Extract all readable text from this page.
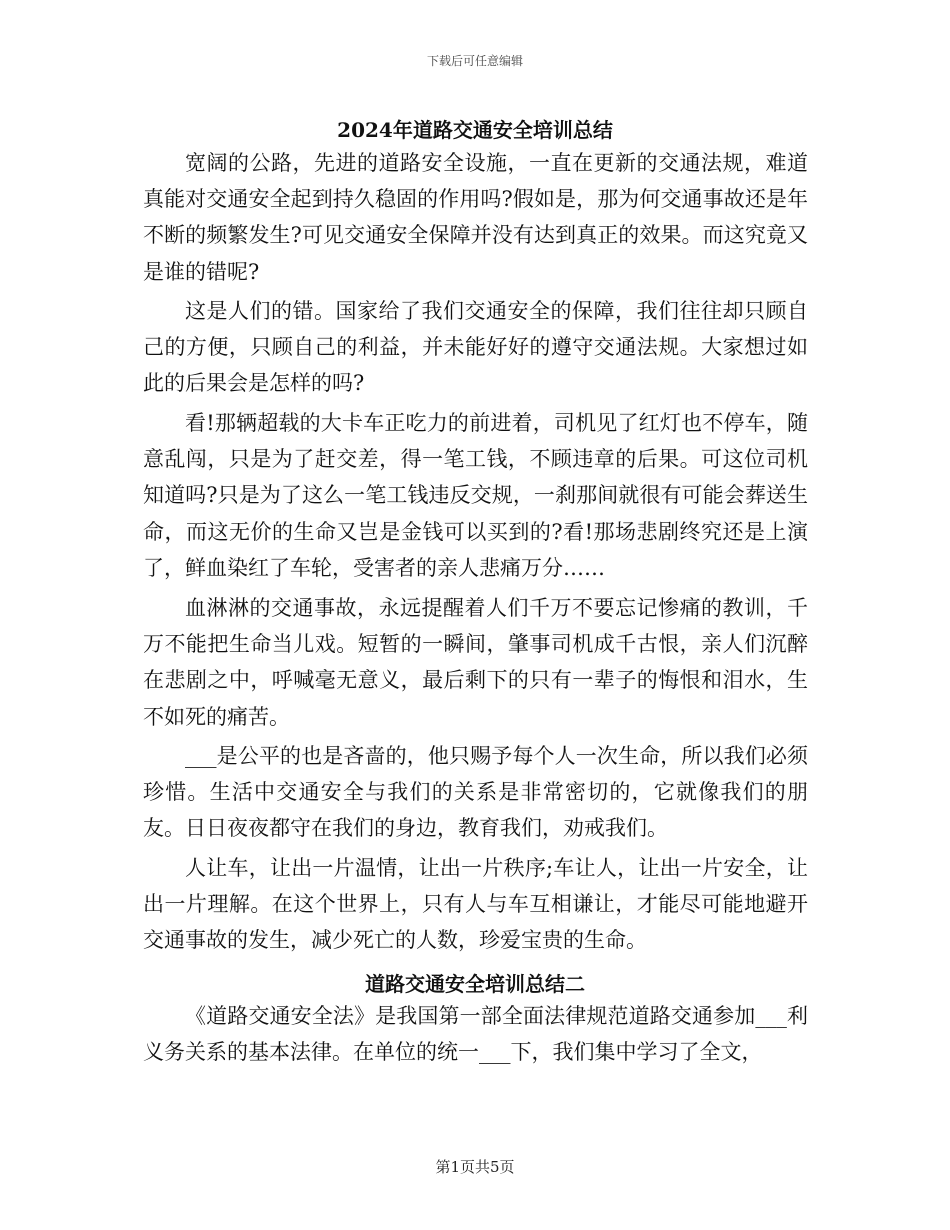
下载后可任意编辑
2024年道路交通安全培训总结

宽阔的公路，先进的道路安全设施，一直在更新的交通法规，难道真能对交通安全起到持久稳固的作用吗?假如是，那为何交通事故还是年不断的频繁发生?可见交通安全保障并没有达到真正的效果。而这究竟又是谁的错呢?

这是人们的错。国家给了我们交通安全的保障，我们往往却只顾自己的方便，只顾自己的利益，并未能好好的遵守交通法规。大家想过如此的后果会是怎样的吗?

看!那辆超载的大卡车正吃力的前进着，司机见了红灯也不停车，随意乱闯，只是为了赶交差，得一笔工钱，不顾违章的后果。可这位司机知道吗?只是为了这么一笔工钱违反交规，一刹那间就很有可能会葬送生命，而这无价的生命又岂是金钱可以买到的?看!那场悲剧终究还是上演了，鲜血染红了车轮，受害者的亲人悲痛万分……

血淋淋的交通事故，永远提醒着人们千万不要忘记惨痛的教训，千万不能把生命当儿戏。短暂的一瞬间，肇事司机成千古恨，亲人们沉醉在悲剧之中，呼喊毫无意义，最后剩下的只有一辈子的悔恨和泪水，生不如死的痛苦。

___是公平的也是吝啬的，他只赐予每个人一次生命，所以我们必须珍惜。生活中交通安全与我们的关系是非常密切的，它就像我们的朋友。日日夜夜都守在我们的身边，教育我们，劝戒我们。

人让车，让出一片温情，让出一片秩序;车让人，让出一片安全，让出一片理解。在这个世界上，只有人与车互相谦让，才能尽可能地避开交通事故的发生，减少死亡的人数，珍爱宝贵的生命。

道路交通安全培训总结二

《道路交通安全法》是我国第一部全面法律规范道路交通参加___利义务关系的基本法律。在单位的统一___下，我们集中学习了全文，

第1页共5页
